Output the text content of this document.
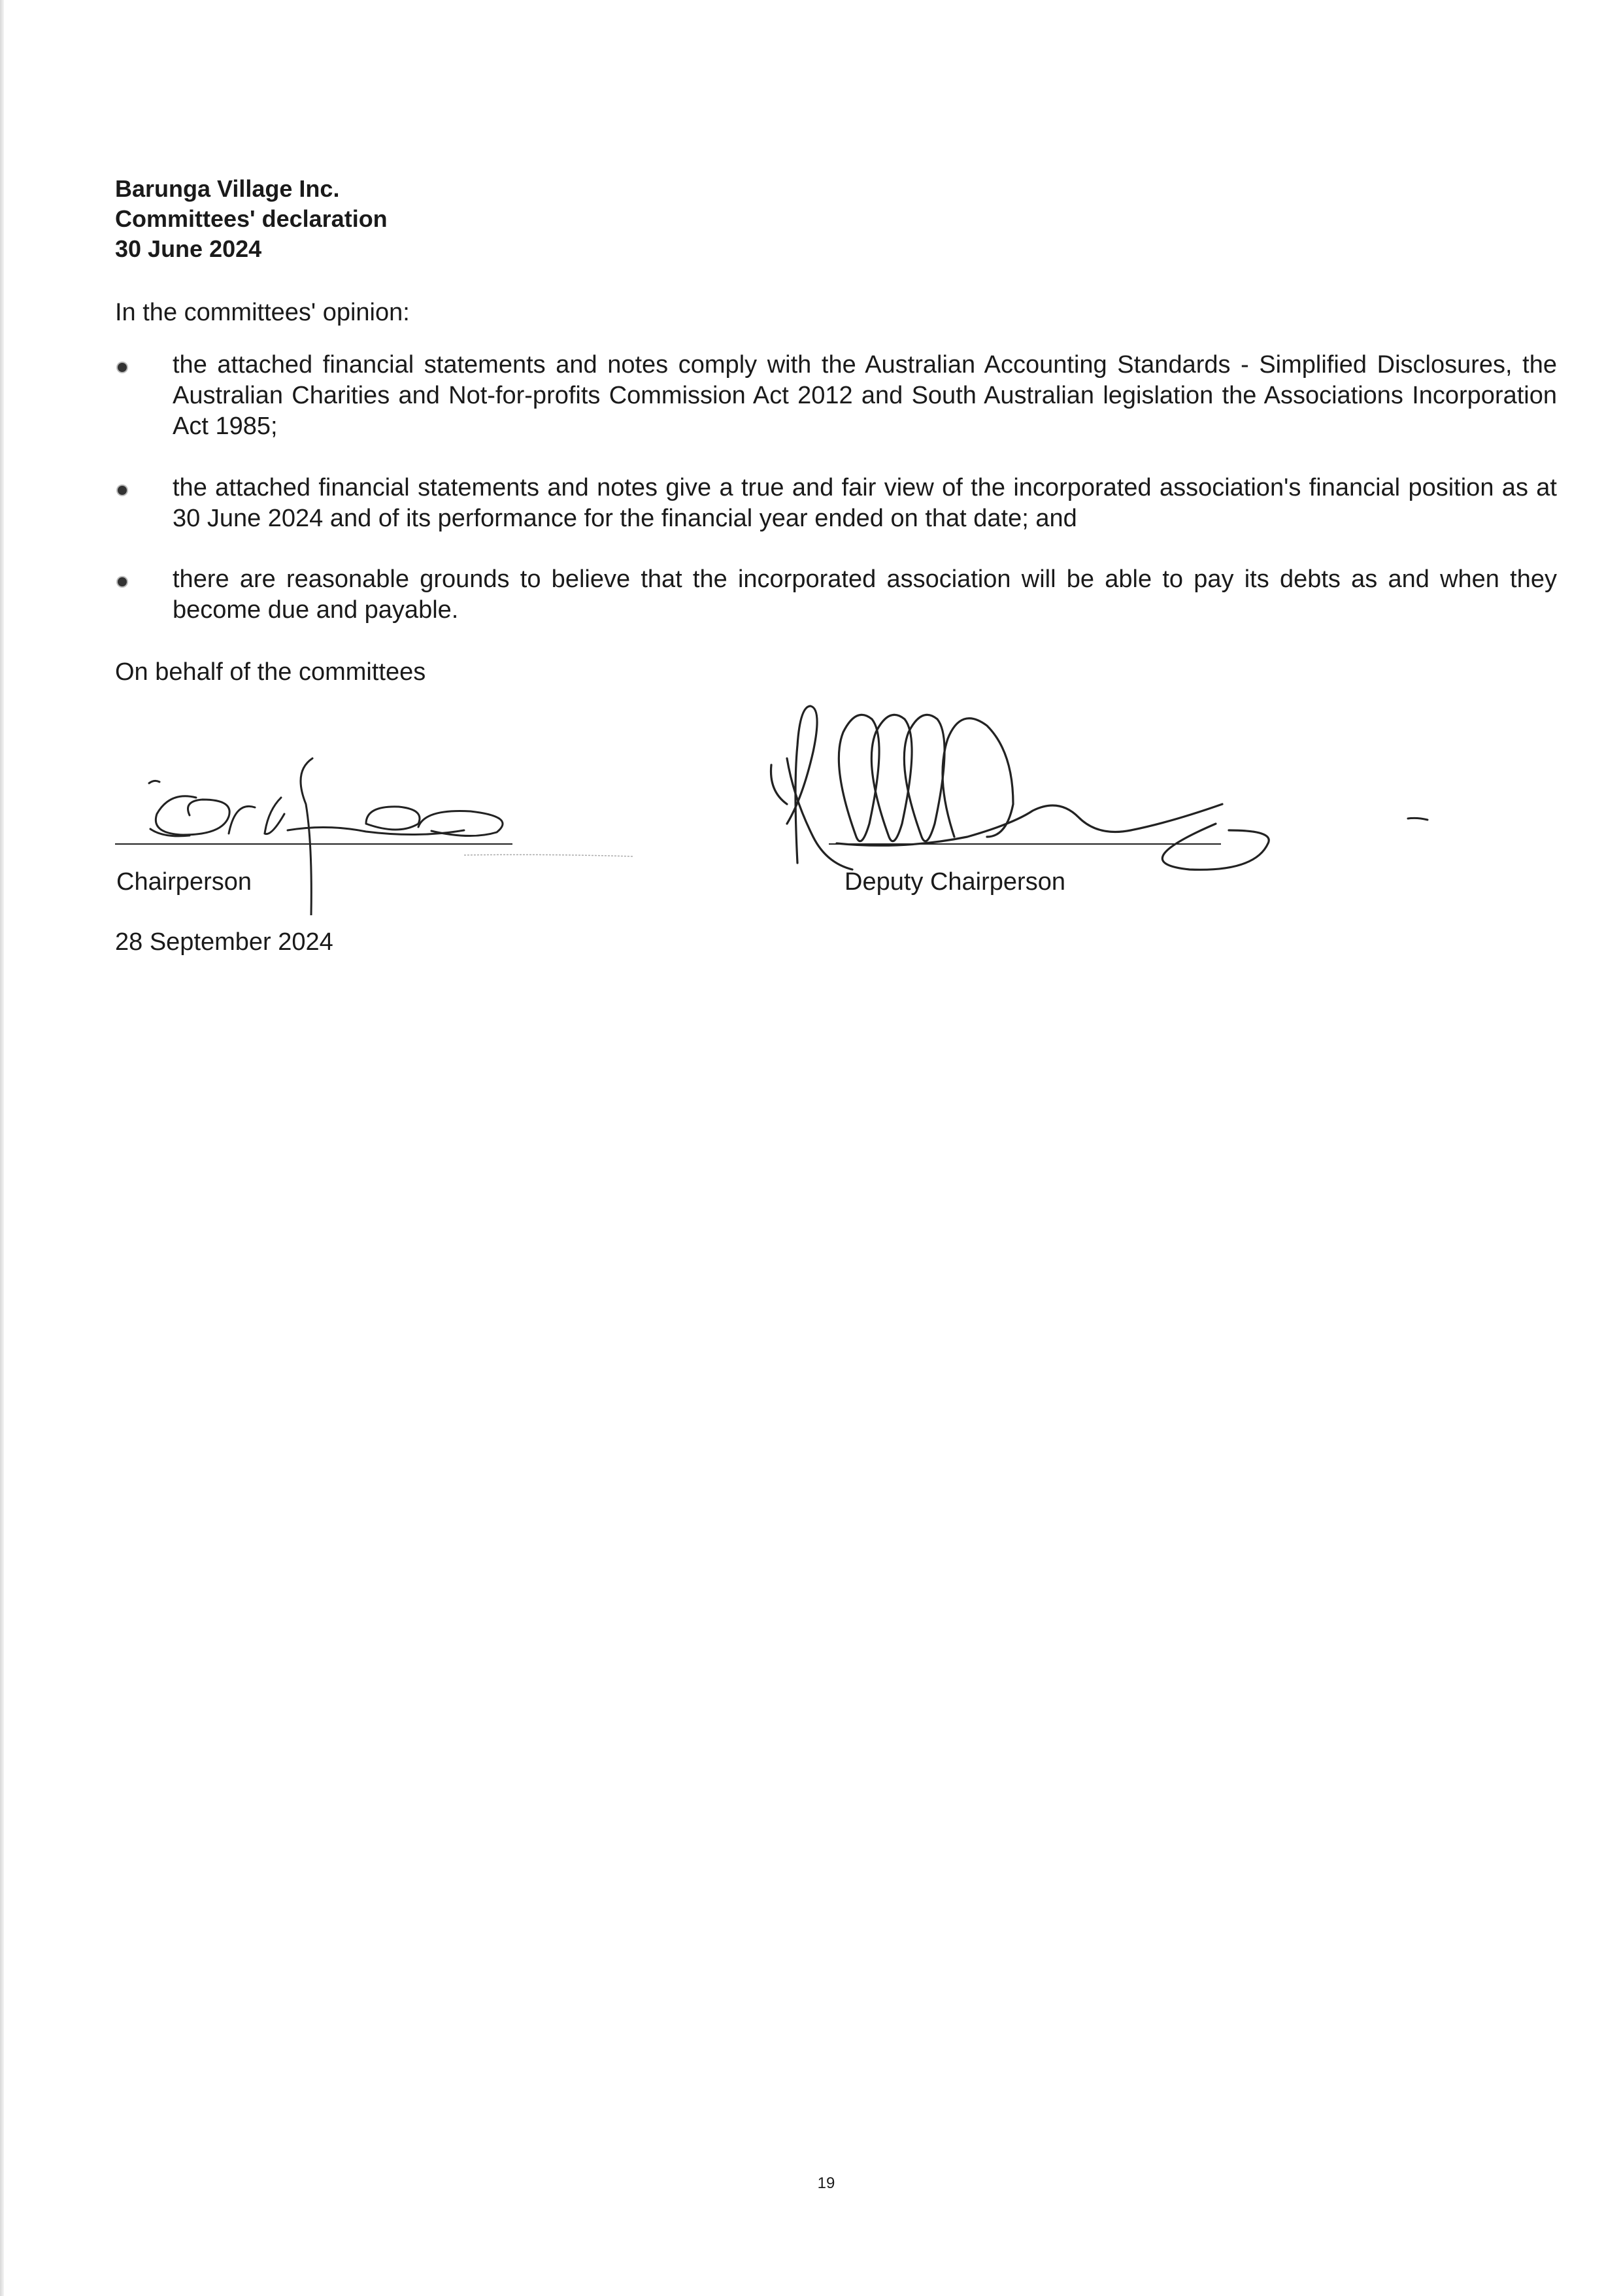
Barunga Village Inc.
Committees' declaration
30 June 2024
In the committees' opinion:
the attached financial statements and notes comply with the Australian Accounting Standards - Simplified Disclosures, the Australian Charities and Not-for-profits Commission Act 2012 and South Australian legislation the Associations Incorporation Act 1985;
the attached financial statements and notes give a true and fair view of the incorporated association's financial position as at 30 June 2024 and of its performance for the financial year ended on that date; and
there are reasonable grounds to believe that the incorporated association will be able to pay its debts as and when they become due and payable.
On behalf of the committees
Chairperson	Deputy Chairperson
28 September 2024
19
